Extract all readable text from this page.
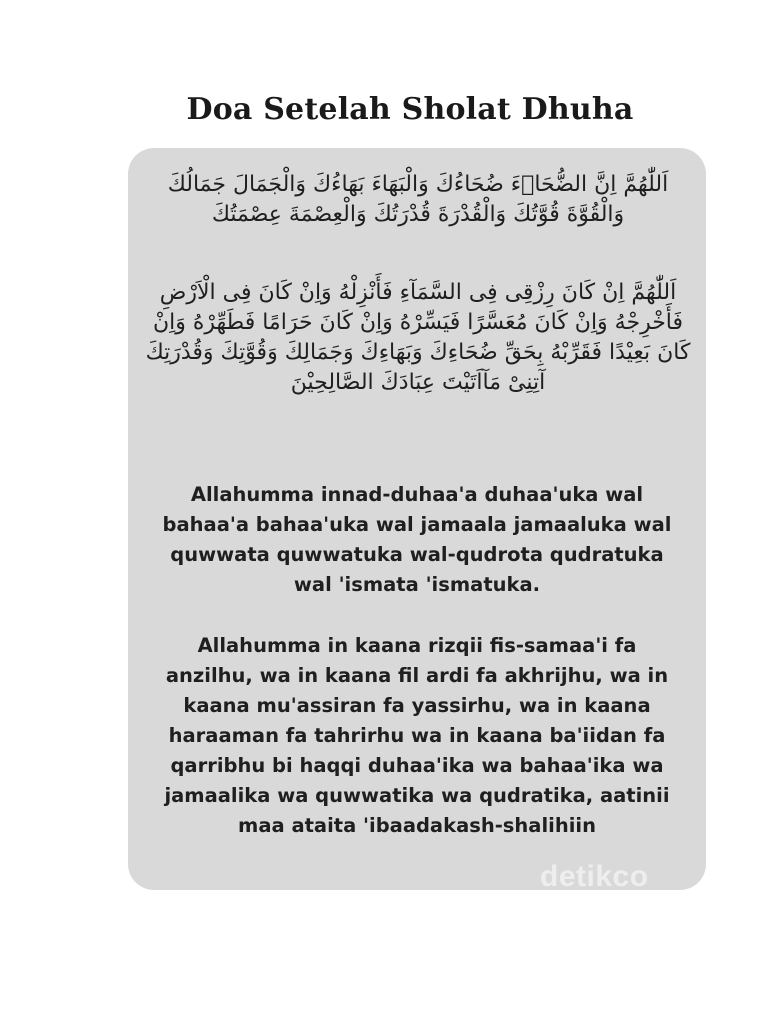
Doa Setelah Sholat Dhuha
اَللّٰهُمَّ اِنَّ الضُّحَاۤءَ ضُحَاءُكَ وَالْبَهَاءَ بَهَاءُكَ وَالْجَمَالَ جَمَالُكَ وَالْقُوَّةَ قُوَّتُكَ وَالْقُدْرَةَ قُدْرَتُكَ وَالْعِصْمَةَ عِصْمَتُكَ
اَللّٰهُمَّ اِنْ كَانَ رِزْقِى فِى السَّمَآءِ فَأَنْزِلْهُ وَاِنْ كَانَ فِى الْاَرْضِ فَأَخْرِجْهُ وَاِنْ كَانَ مُعَسَّرًا فَيَسِّرْهُ وَاِنْ كَانَ حَرَامًا فَطَهِّرْهُ وَاِنْ كَانَ بَعِيْدًا فَقَرِّبْهُ بِحَقِّ ضُحَاءِكَ وَبَهَاءِكَ وَجَمَالِكَ وَقُوَّتِكَ وَقُدْرَتِكَ آتِنِىْ مَآاَتَيْتَ عِبَادَكَ الصَّالِحِيْنَ
Allahumma innad-duhaa'a duhaa'uka wal bahaa'a bahaa'uka wal jamaala jamaaluka wal quwwata quwwatuka wal-qudrota qudratuka wal 'ismata 'ismatuka.
Allahumma in kaana rizqii fis-samaa'i fa anzilhu, wa in kaana fil ardi fa akhrijhu, wa in kaana mu'assiran fa yassirhu, wa in kaana haraaman fa tahrirhu wa in kaana ba'iidan fa qarribhu bi haqqi duhaa'ika wa bahaa'ika wa jamaalika wa quwwatika wa qudratika, aatinii maa ataita 'ibaadakash-shalihiin
detikco
